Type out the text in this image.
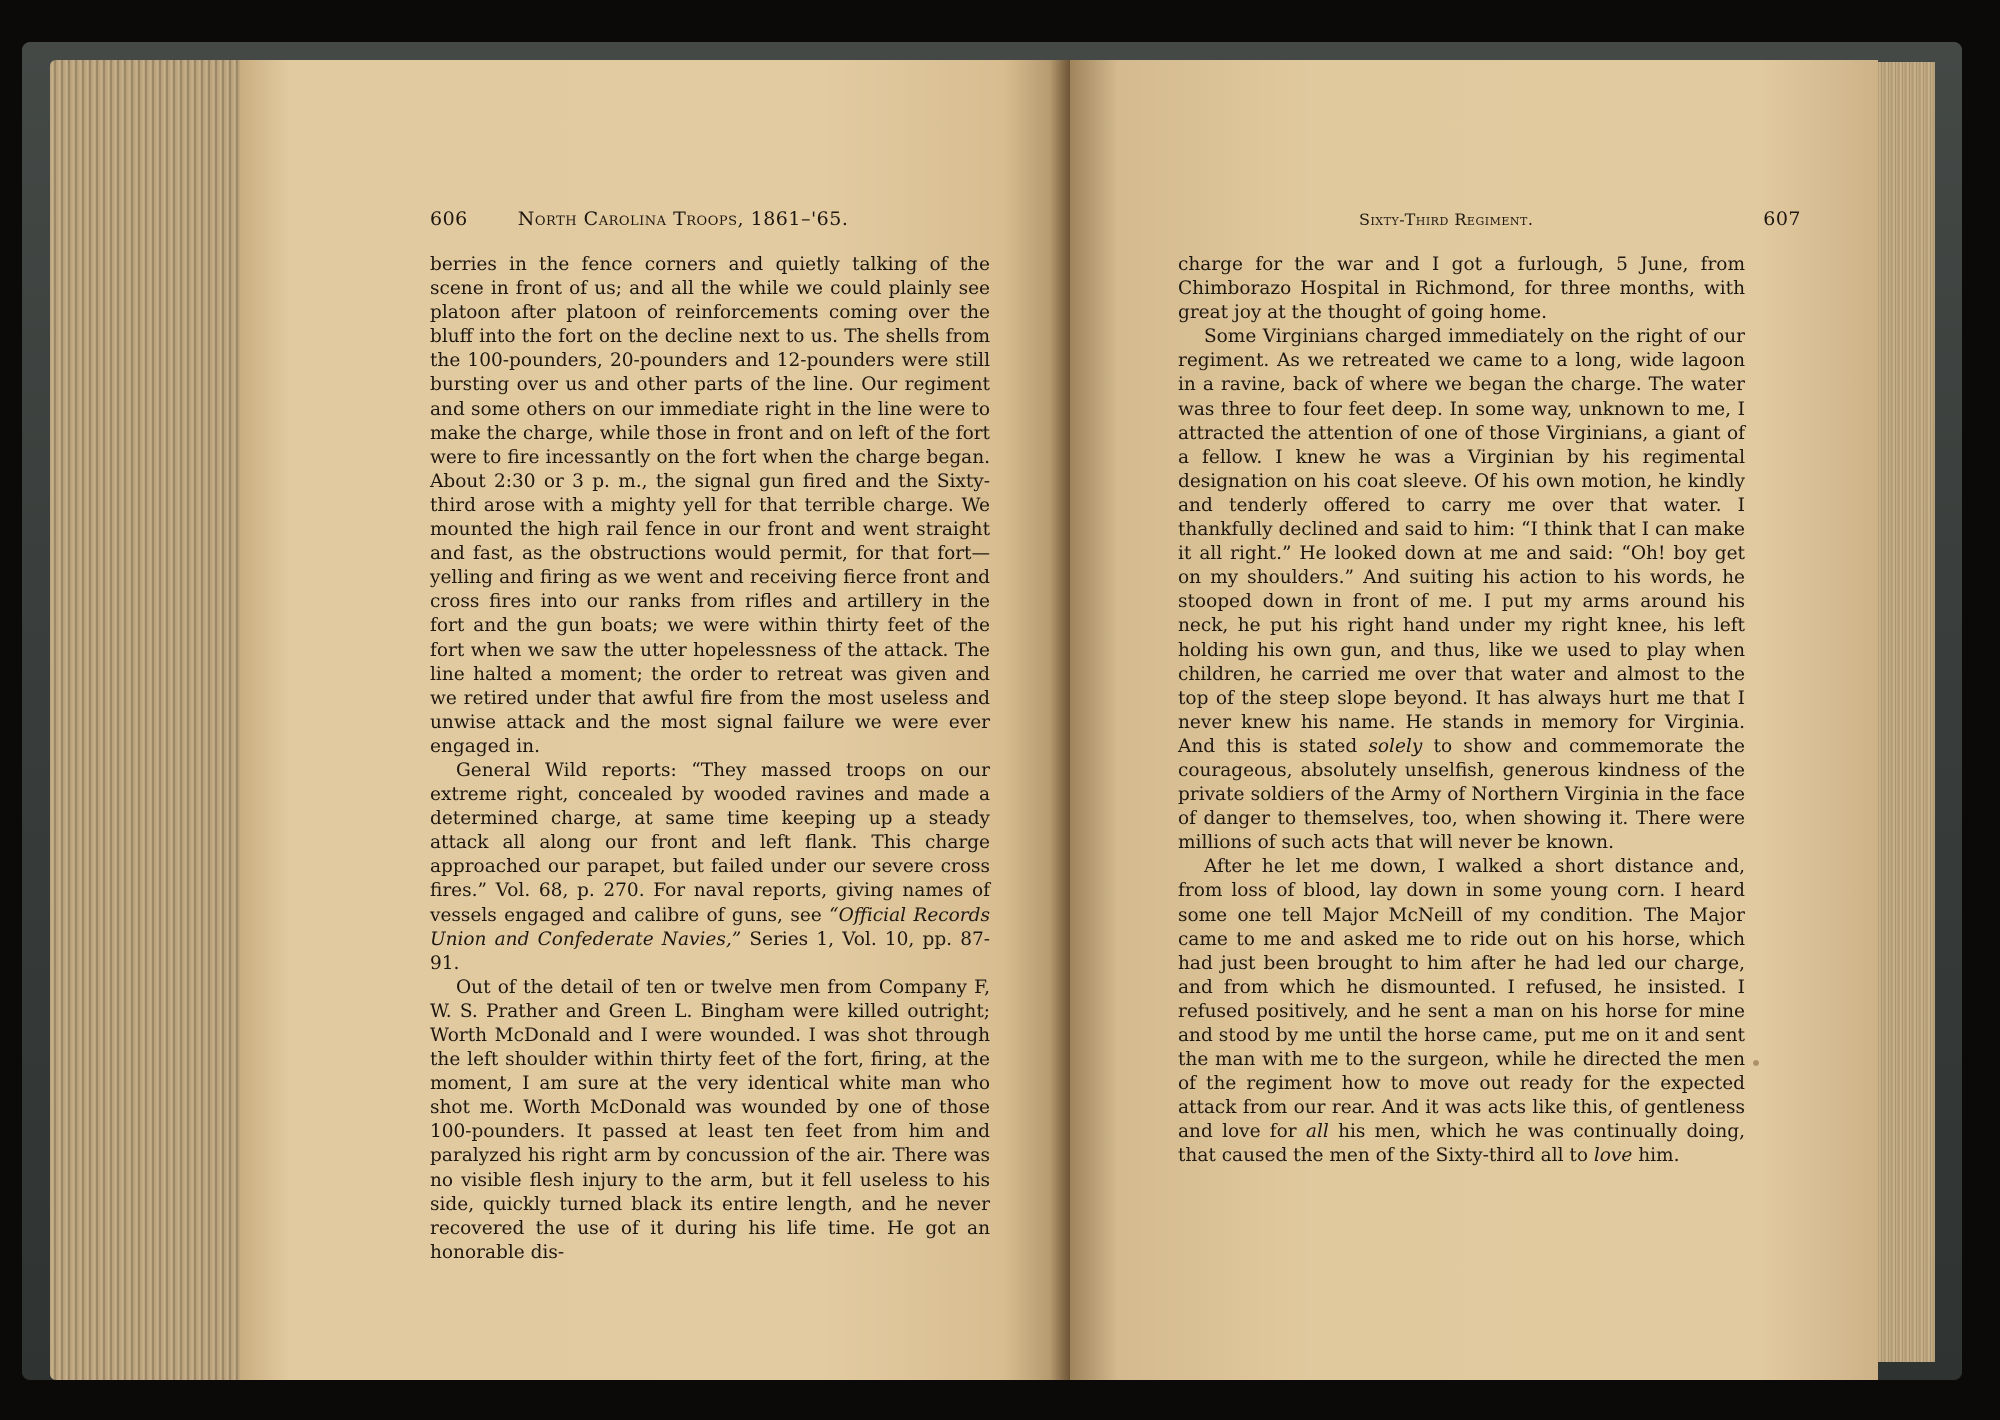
606	North Carolina Troops, 1861–'65.

berries in the fence corners and quietly talking of the scene in front of us; and all the while we could plainly see platoon after platoon of reinforcements coming over the bluff into the fort on the decline next to us. The shells from the 100-pounders, 20-pounders and 12-pounders were still bursting over us and other parts of the line. Our regiment and some others on our immediate right in the line were to make the charge, while those in front and on left of the fort were to fire incessantly on the fort when the charge began. About 2:30 or 3 p. m., the signal gun fired and the Sixty-third arose with a mighty yell for that terrible charge. We mounted the high rail fence in our front and went straight and fast, as the obstructions would permit, for that fort—yelling and firing as we went and receiving fierce front and cross fires into our ranks from rifles and artillery in the fort and the gun boats; we were within thirty feet of the fort when we saw the utter hopelessness of the attack. The line halted a moment; the order to retreat was given and we retired under that awful fire from the most useless and unwise attack and the most signal failure we were ever engaged in.

General Wild reports: “They massed troops on our extreme right, concealed by wooded ravines and made a determined charge, at same time keeping up a steady attack all along our front and left flank. This charge approached our parapet, but failed under our severe cross fires.” Vol. 68, p. 270. For naval reports, giving names of vessels engaged and calibre of guns, see “Official Records Union and Confederate Navies,” Series 1, Vol. 10, pp. 87-91.

Out of the detail of ten or twelve men from Company F, W. S. Prather and Green L. Bingham were killed outright; Worth McDonald and I were wounded. I was shot through the left shoulder within thirty feet of the fort, firing, at the moment, I am sure at the very identical white man who shot me. Worth McDonald was wounded by one of those 100-pounders. It passed at least ten feet from him and paralyzed his right arm by concussion of the air. There was no visible flesh injury to the arm, but it fell useless to his side, quickly turned black its entire length, and he never recovered the use of it during his life time. He got an honorable dis-

Sixty-Third Regiment.	607

charge for the war and I got a furlough, 5 June, from Chimborazo Hospital in Richmond, for three months, with great joy at the thought of going home.

Some Virginians charged immediately on the right of our regiment. As we retreated we came to a long, wide lagoon in a ravine, back of where we began the charge. The water was three to four feet deep. In some way, unknown to me, I attracted the attention of one of those Virginians, a giant of a fellow. I knew he was a Virginian by his regimental designation on his coat sleeve. Of his own motion, he kindly and tenderly offered to carry me over that water. I thankfully declined and said to him: “I think that I can make it all right.” He looked down at me and said: “Oh! boy get on my shoulders.” And suiting his action to his words, he stooped down in front of me. I put my arms around his neck, he put his right hand under my right knee, his left holding his own gun, and thus, like we used to play when children, he carried me over that water and almost to the top of the steep slope beyond. It has always hurt me that I never knew his name. He stands in memory for Virginia. And this is stated solely to show and commemorate the courageous, absolutely unselfish, generous kindness of the private soldiers of the Army of Northern Virginia in the face of danger to themselves, too, when showing it. There were millions of such acts that will never be known.

After he let me down, I walked a short distance and, from loss of blood, lay down in some young corn. I heard some one tell Major McNeill of my condition. The Major came to me and asked me to ride out on his horse, which had just been brought to him after he had led our charge, and from which he dismounted. I refused, he insisted. I refused positively, and he sent a man on his horse for mine and stood by me until the horse came, put me on it and sent the man with me to the surgeon, while he directed the men of the regiment how to move out ready for the expected attack from our rear. And it was acts like this, of gentleness and love for all his men, which he was continually doing, that caused the men of the Sixty-third all to love him.
